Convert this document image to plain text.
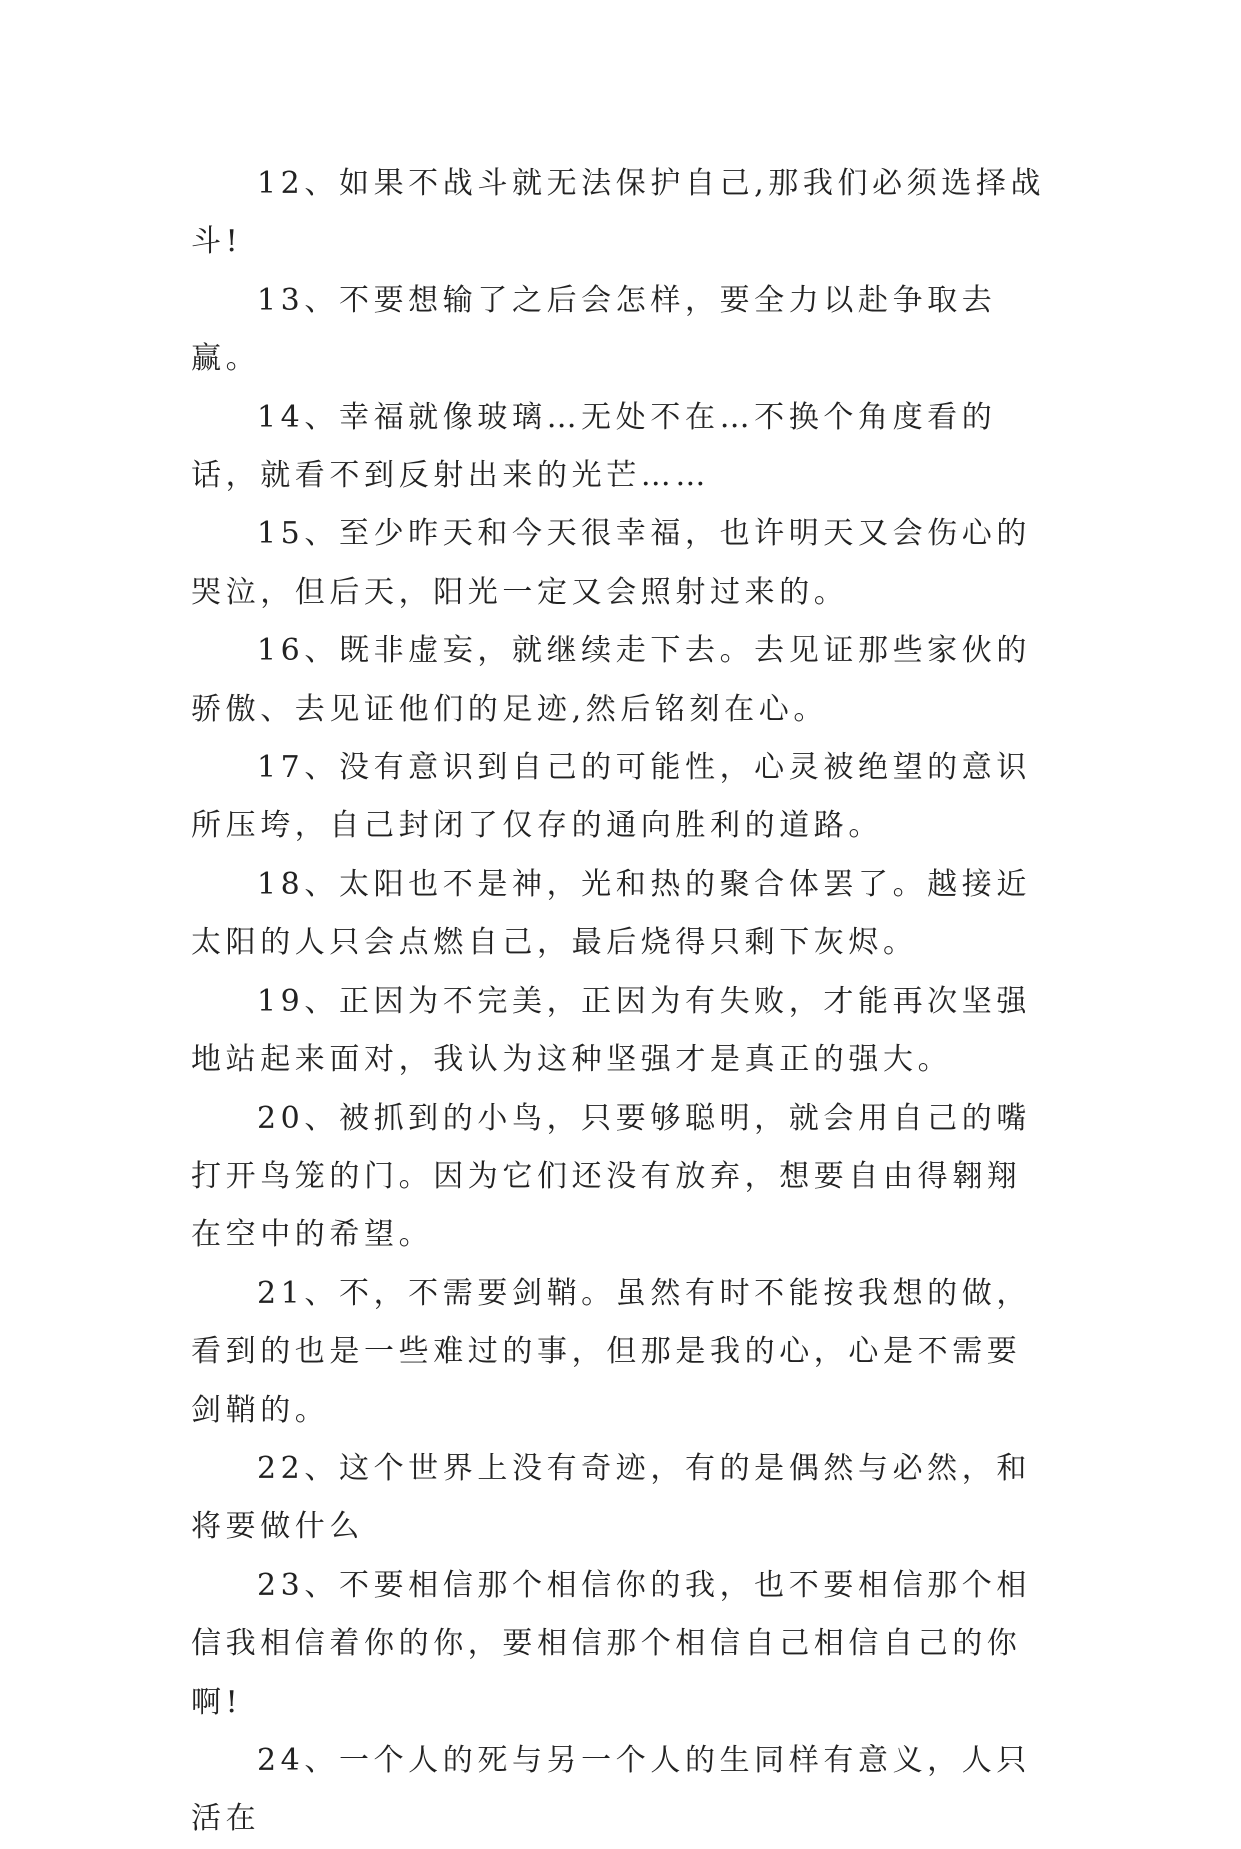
12、如果不战斗就无法保护自己,那我们必须选择战斗!

13、不要想输了之后会怎样，要全力以赴争取去赢。

14、幸福就像玻璃…无处不在…不换个角度看的话，就看不到反射出来的光芒……

15、至少昨天和今天很幸福，也许明天又会伤心的哭泣，但后天，阳光一定又会照射过来的。

16、既非虚妄，就继续走下去。去见证那些家伙的骄傲、去见证他们的足迹,然后铭刻在心。

17、没有意识到自己的可能性，心灵被绝望的意识所压垮，自己封闭了仅存的通向胜利的道路。

18、太阳也不是神，光和热的聚合体罢了。越接近太阳的人只会点燃自己，最后烧得只剩下灰烬。

19、正因为不完美，正因为有失败，才能再次坚强地站起来面对，我认为这种坚强才是真正的强大。

20、被抓到的小鸟，只要够聪明，就会用自己的嘴打开鸟笼的门。因为它们还没有放弃，想要自由得翱翔在空中的希望。

21、不，不需要剑鞘。虽然有时不能按我想的做，看到的也是一些难过的事，但那是我的心，心是不需要剑鞘的。

22、这个世界上没有奇迹，有的是偶然与必然，和将要做什么

23、不要相信那个相信你的我，也不要相信那个相信我相信着你的你，要相信那个相信自己相信自己的你啊!

24、一个人的死与另一个人的生同样有意义，人只活在
